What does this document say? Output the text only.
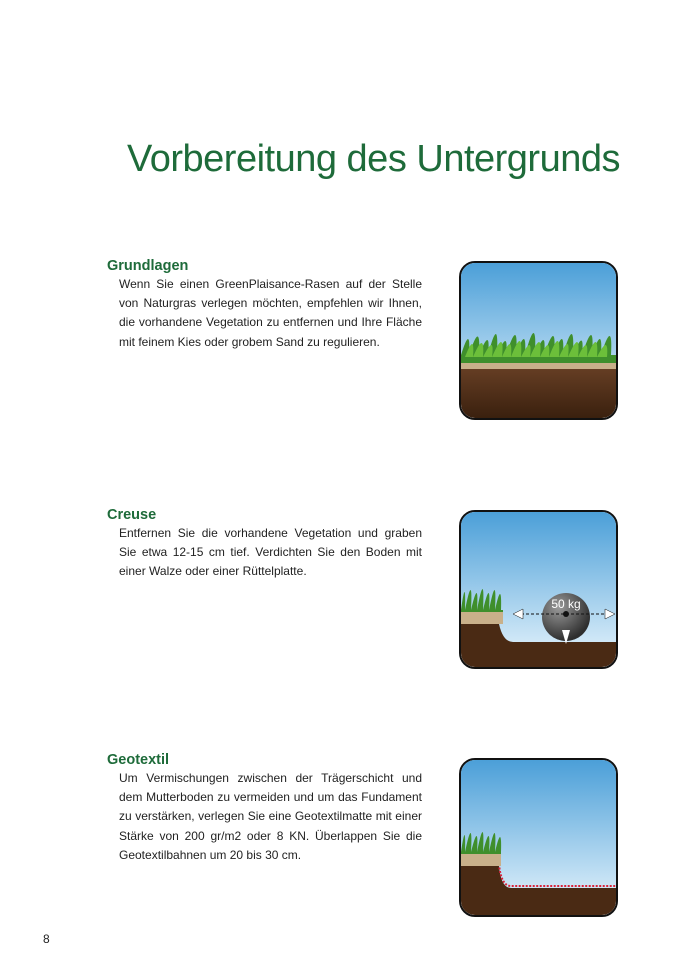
Vorbereitung des Untergrunds
Grundlagen

Wenn Sie einen GreenPlaisance-Rasen auf der Stelle von Naturgras verlegen möchten, empfehlen wir Ihnen, die vorhandene Vegetation zu entfernen und Ihre Fläche mit feinem Kies oder grobem Sand zu regulieren.

Creuse

Entfernen Sie die vorhandene Vegetation und graben Sie etwa 12-15 cm tief. Verdichten Sie den Boden mit einer Walze oder einer Rüttelplatte.

50 kg
Geotextil

Um Vermischungen zwischen der Trägerschicht und dem Mutterboden zu vermeiden und um das Fundament zu verstärken, verlegen Sie eine Geotextilmatte mit einer Stärke von 200 gr/m2 oder 8 KN. Überlappen Sie die Geotextilbahnen um 20 bis 30 cm.

8
